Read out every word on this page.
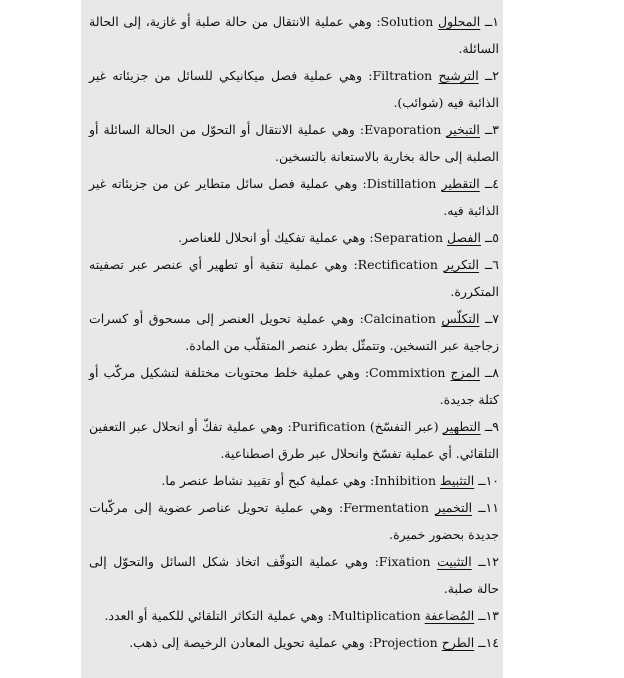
١ــ المحلول Solution: وهي عملية الانتقال من حالة صلبة أو غازية، إلى الحالة السائلة.

٢ــ الترشيح Filtration: وهي عملية فصل ميكانيكي للسائل من جزيئاته غير الذائبة فيه (شوائب).

٣ــ التبخير Evaporation: وهي عملية الانتقال أو التحوّل من الحالة السائلة أو الصلبة إلى حالة بخارية بالاستعانة بالتسخين.

٤ــ التقطير Distillation: وهي عملية فصل سائل متطاير عن من جزيئاته غير الذائبة فيه.

٥ــ الفصل Separation: وهي عملية تفكيك أو انحلال للعناصر.

٦ــ التكرير Rectification: وهي عملية تنقية أو تطهير أي عنصر عبر تصفيته المتكررة.

٧ــ التكلّس Calcination: وهي عملية تحويل العنصر إلى مسحوق أو كسرات زجاجية عبر التسخين. وتتمثّل بطرد عنصر المتقلّب من المادة.

٨ــ المزج Commixtion: وهي عملية خلط محتويات مختلفة لتشكيل مركّب أو كتلة جديدة.

٩ــ التطهير (عبر التفسّخ) Purification: وهي عملية تفكّ أو انحلال عبر التعفين التلقائي. أي عملية تفسّخ وانحلال عبر طرق اصطناعية.

١٠ــ التثبيط Inhibition: وهي عملية كبح أو تقييد نشاط عنصر ما.

١١ــ التخمير Fermentation: وهي عملية تحويل عناصر عضوية إلى مركّبات جديدة بحضور خميرة.

١٢ــ التثبيت Fixation: وهي عملية التوقّف اتخاذ شكل السائل والتحوّل إلى حالة صلبة.

١٣ــ المُضاعفة Multiplication: وهي عملية التكاثر التلقائي للكمية أو العدد.

١٤ــ الطرح Projection: وهي عملية تحويل المعادن الرخيصة إلى ذهب.
